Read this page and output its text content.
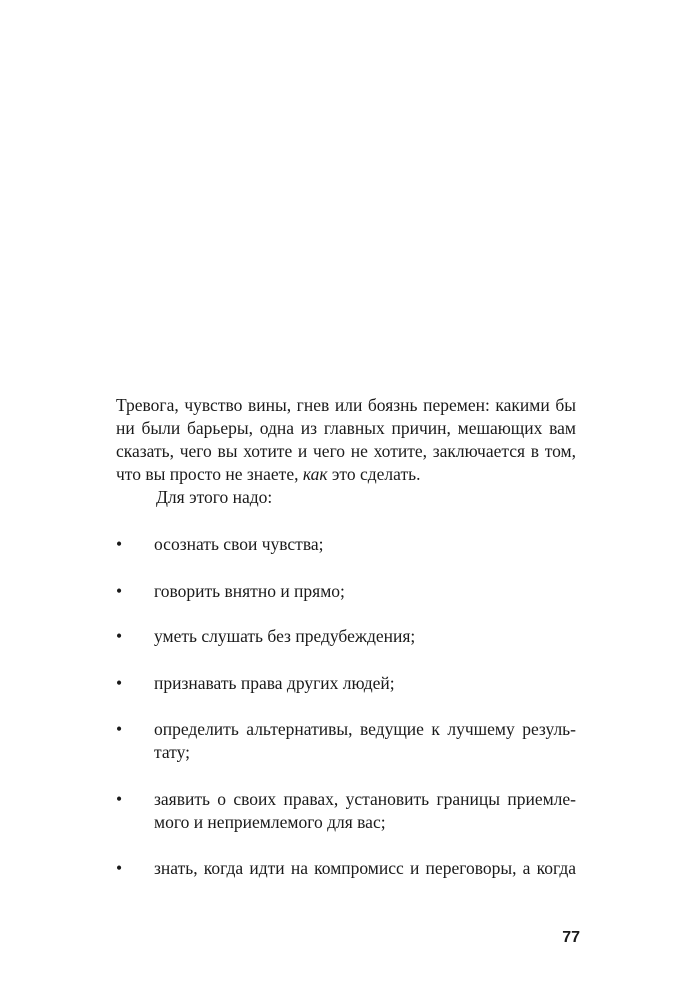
Тревога, чувство вины, гнев или боязнь перемен: какими бы
ни были барьеры, одна из главных причин, мешающих вам
сказать, чего вы хотите и чего не хотите, заключается в том,
что вы просто не знаете, как это сделать.

Для этого надо:

•	осознать свои чувства;
•	говорить внятно и прямо;
•	уметь слушать без предубеждения;
•	признавать права других людей;
•	определить альтернативы, ведущие к лучшему резуль-
тату;
•	заявить о своих правах, установить границы приемле-
мого и неприемлемого для вас;
•	знать, когда идти на компромисс и переговоры, а когда
77
